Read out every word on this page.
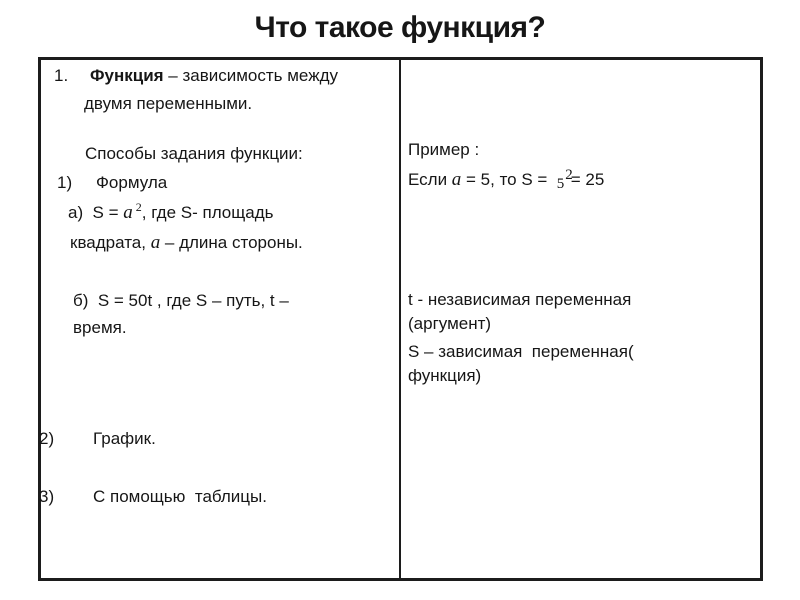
Что такое функция?
1. Функция – зависимость между
двумя переменными.
Способы задания функции:
1) Формула
а)  S = a $^2$, где S- площадь
квадрата, a – длина стороны.
б)  S = 50t , где S – путь, t –
время.
2) График.
3) С помощью  таблицы.
Пример :
Если a = 5, то S =  52= 25
t - независимая переменная
(аргумент)
S – зависимая  переменная(
функция)
